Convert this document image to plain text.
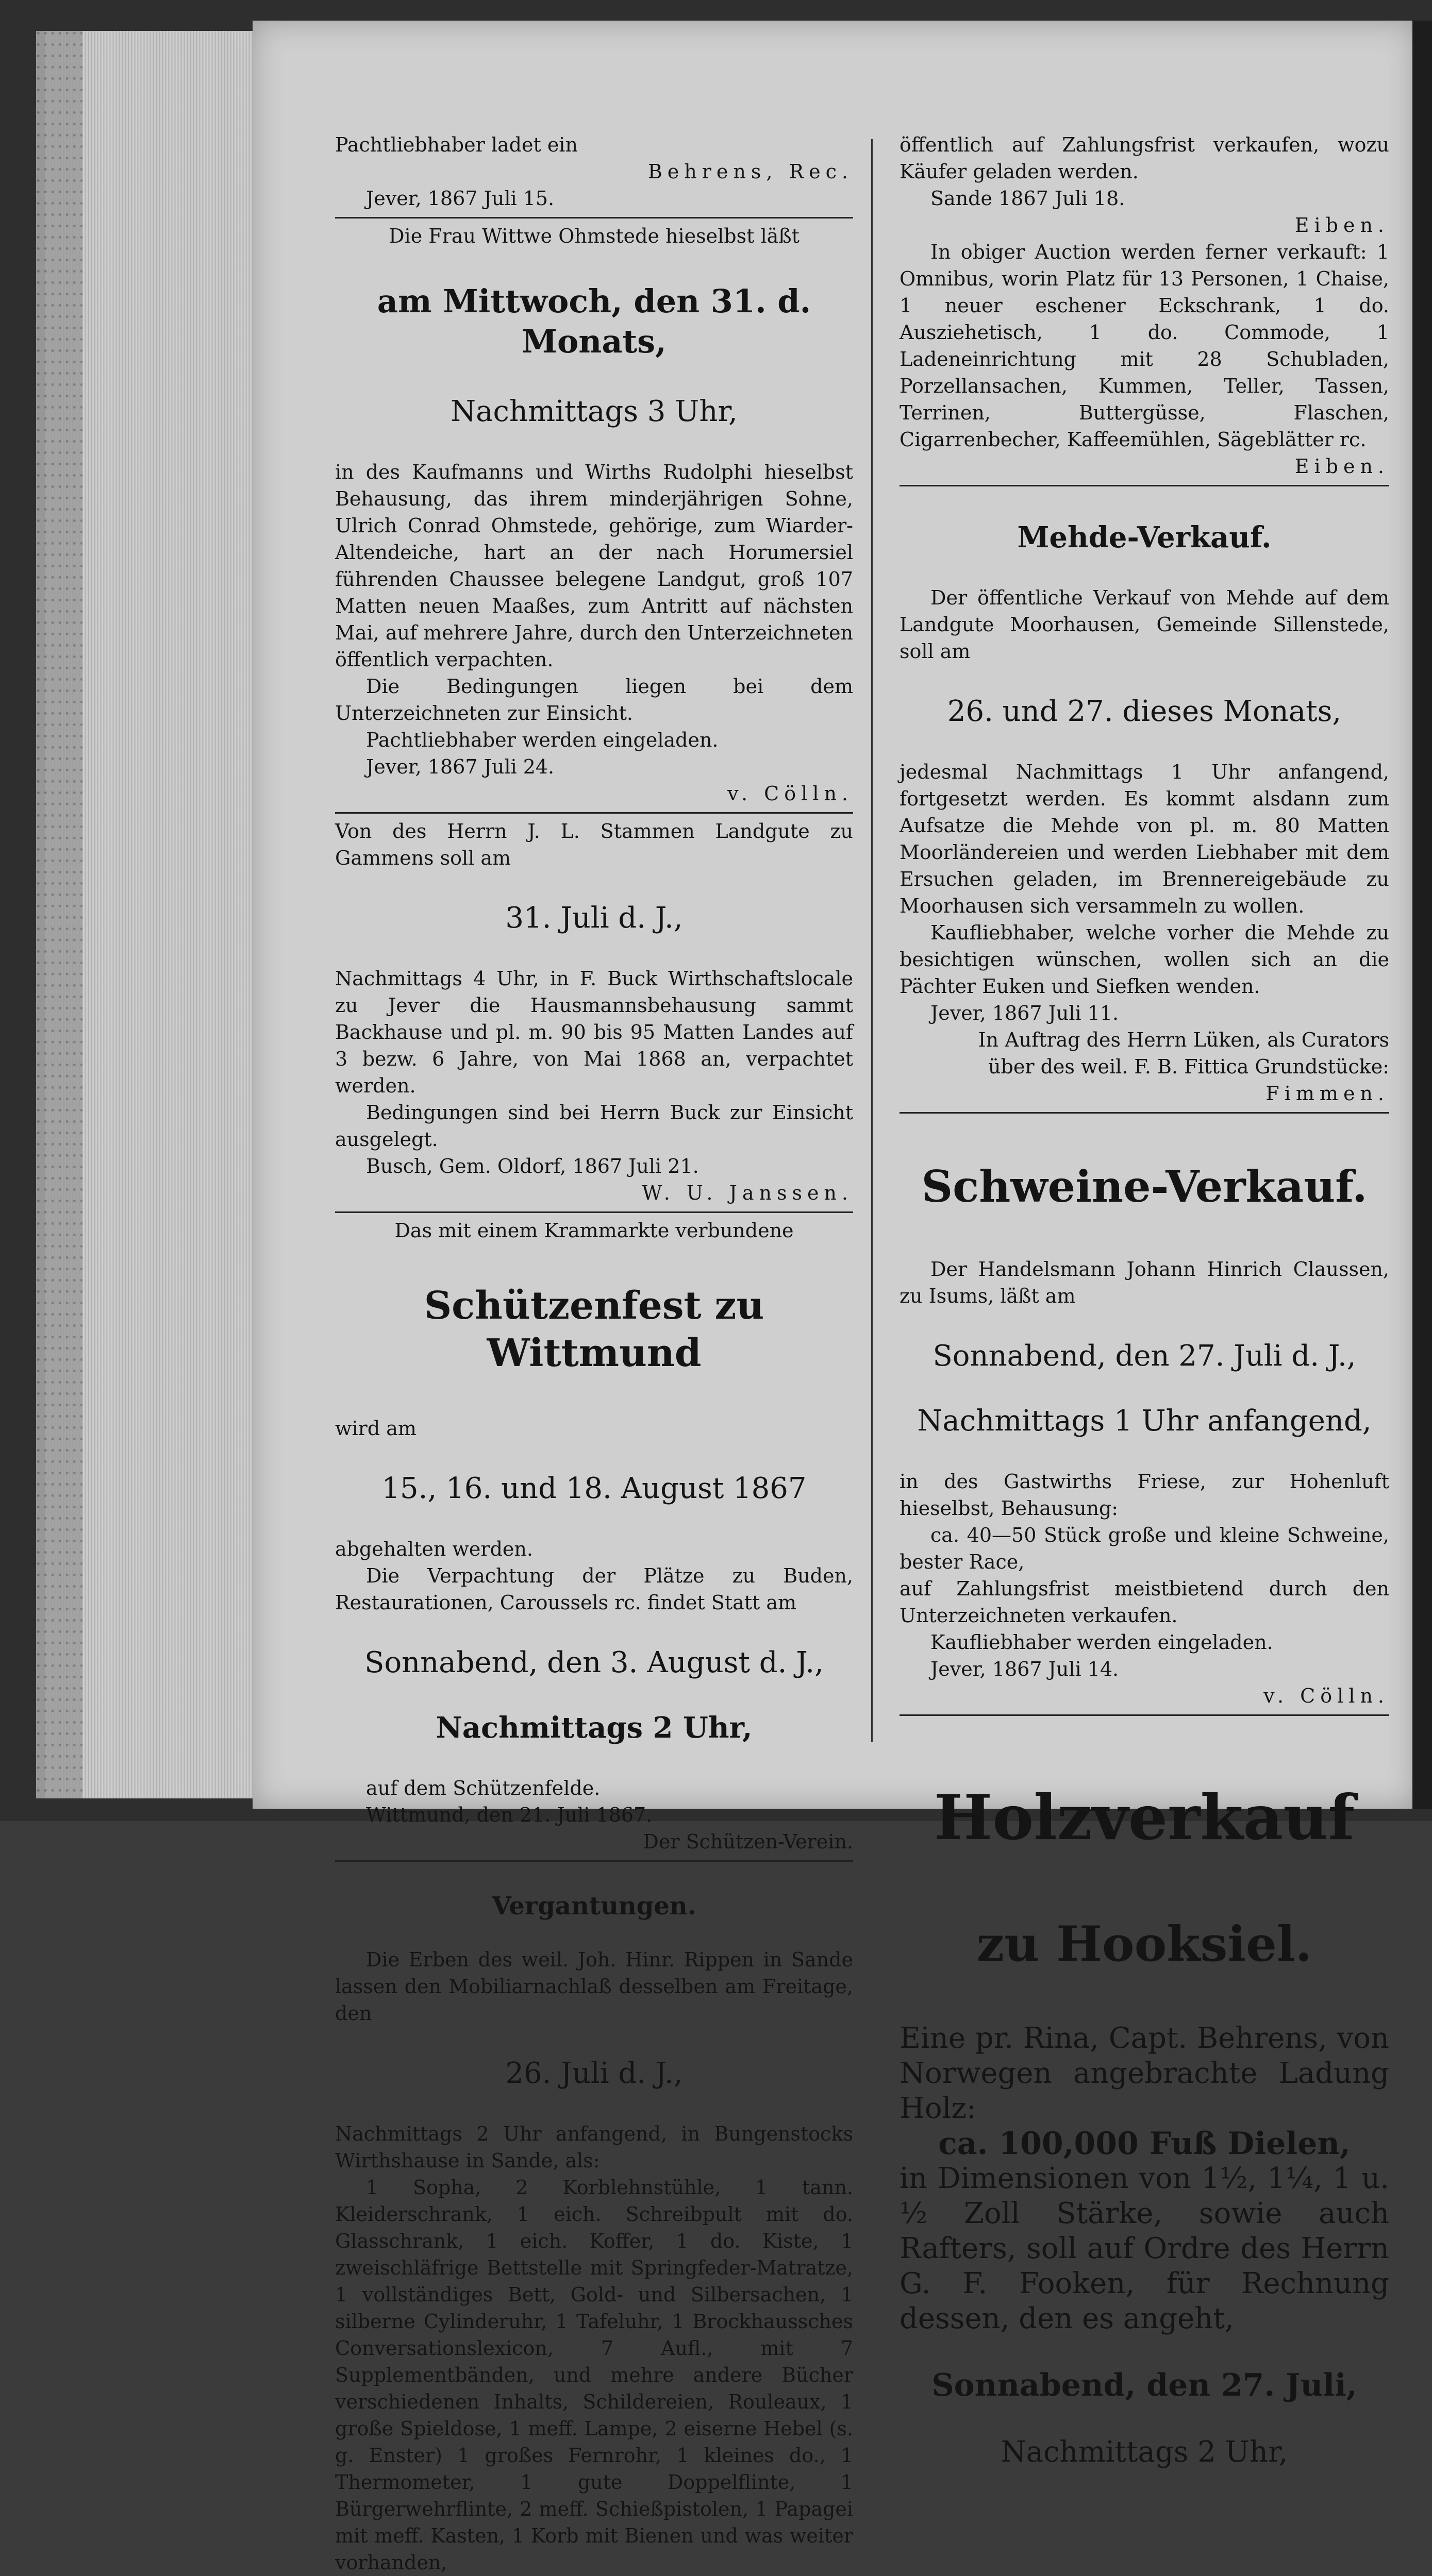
Pachtliebhaber ladet ein

Behrens, Rec.

Jever, 1867 Juli 15.

Die Frau Wittwe Ohmstede hieselbst läßt

am Mittwoch, den 31. d. Monats,

Nachmittags 3 Uhr,

in des Kaufmanns und Wirths Rudolphi hieselbst Behausung, das ihrem minderjährigen Sohne, Ulrich Conrad Ohmstede, gehörige, zum Wiarder-Altendeiche, hart an der nach Horumersiel führenden Chaussee belegene Landgut, groß 107 Matten neuen Maaßes, zum Antritt auf nächsten Mai, auf mehrere Jahre, durch den Unterzeichneten öffentlich verpachten.

Die Bedingungen liegen bei dem Unterzeichneten zur Einsicht.

Pachtliebhaber werden eingeladen.

Jever, 1867 Juli 24.

v. Cölln.

Von des Herrn J. L. Stammen Landgute zu Gammens soll am

31. Juli d. J.,

Nachmittags 4 Uhr, in F. Buck Wirthschaftslocale zu Jever die Hausmannsbehausung sammt Backhause und pl. m. 90 bis 95 Matten Landes auf 3 bezw. 6 Jahre, von Mai 1868 an, verpachtet werden.

Bedingungen sind bei Herrn Buck zur Einsicht ausgelegt.

Busch, Gem. Oldorf, 1867 Juli 21.

W. U. Janssen.

Das mit einem Krammarkte verbundene

Schützenfest zu Wittmund

wird am

15., 16. und 18. August 1867

abgehalten werden.

Die Verpachtung der Plätze zu Buden, Restaurationen, Caroussels rc. findet Statt am

Sonnabend, den 3. August d. J.,

Nachmittags 2 Uhr,

auf dem Schützenfelde.

Wittmund, den 21. Juli 1867.

Der Schützen-Verein.

Vergantungen.

Die Erben des weil. Joh. Hinr. Rippen in Sande lassen den Mobiliarnachlaß desselben am Freitage, den

26. Juli d. J.,

Nachmittags 2 Uhr anfangend, in Bungenstocks Wirthshause in Sande, als:

1 Sopha, 2 Korblehnstühle, 1 tann. Kleiderschrank, 1 eich. Schreibpult mit do. Glasschrank, 1 eich. Koffer, 1 do. Kiste, 1 zweischläfrige Bettstelle mit Springfeder-Matratze, 1 vollständiges Bett, Gold- und Silbersachen, 1 silberne Cylinderuhr, 1 Tafeluhr, 1 Brockhaussches Conversationslexicon, 7 Aufl., mit 7 Supplementbänden, und mehre andere Bücher verschiedenen Inhalts, Schildereien, Rouleaux, 1 große Spieldose, 1 meff. Lampe, 2 eiserne Hebel (s. g. Enster) 1 großes Fernrohr, 1 kleines do., 1 Thermometer, 1 gute Doppelflinte, 1 Bürgerwehrflinte, 2 meff. Schießpistolen, 1 Papagei mit meff. Kasten, 1 Korb mit Bienen und was weiter vorhanden,

öffentlich auf Zahlungsfrist verkaufen, wozu Käufer geladen werden.

Sande 1867 Juli 18.

Eiben.

In obiger Auction werden ferner verkauft: 1 Omnibus, worin Platz für 13 Personen, 1 Chaise, 1 neuer eschener Eckschrank, 1 do. Ausziehetisch, 1 do. Commode, 1 Ladeneinrichtung mit 28 Schubladen, Porzellansachen, Kummen, Teller, Tassen, Terrinen, Buttergüsse, Flaschen, Cigarrenbecher, Kaffeemühlen, Sägeblätter rc.

Eiben.

Mehde-Verkauf.

Der öffentliche Verkauf von Mehde auf dem Landgute Moorhausen, Gemeinde Sillenstede, soll am

26. und 27. dieses Monats,

jedesmal Nachmittags 1 Uhr anfangend, fortgesetzt werden. Es kommt alsdann zum Aufsatze die Mehde von pl. m. 80 Matten Moorländereien und werden Liebhaber mit dem Ersuchen geladen, im Brennereigebäude zu Moorhausen sich versammeln zu wollen.

Kaufliebhaber, welche vorher die Mehde zu besichtigen wünschen, wollen sich an die Pächter Euken und Siefken wenden.

Jever, 1867 Juli 11.

In Auftrag des Herrn Lüken, als Curators

über des weil. F. B. Fittica Grundstücke:

Fimmen.

Schweine-Verkauf.

Der Handelsmann Johann Hinrich Claussen, zu Isums, läßt am

Sonnabend, den 27. Juli d. J.,

Nachmittags 1 Uhr anfangend,

in des Gastwirths Friese, zur Hohenluft hieselbst, Behausung:

ca. 40—50 Stück große und kleine Schweine, bester Race,

auf Zahlungsfrist meistbietend durch den Unterzeichneten verkaufen.

Kaufliebhaber werden eingeladen.

Jever, 1867 Juli 14.

v. Cölln.

Holzverkauf

zu Hooksiel.

Eine pr. Rina, Capt. Behrens, von Norwegen angebrachte Ladung Holz:

ca. 100,000 Fuß Dielen,

in Dimensionen von 1½, 1¼, 1 u. ½ Zoll Stärke, sowie auch Rafters, soll auf Ordre des Herrn G. F. Fooken, für Rechnung dessen, den es angeht,

Sonnabend, den 27. Juli,

Nachmittags 2 Uhr,
